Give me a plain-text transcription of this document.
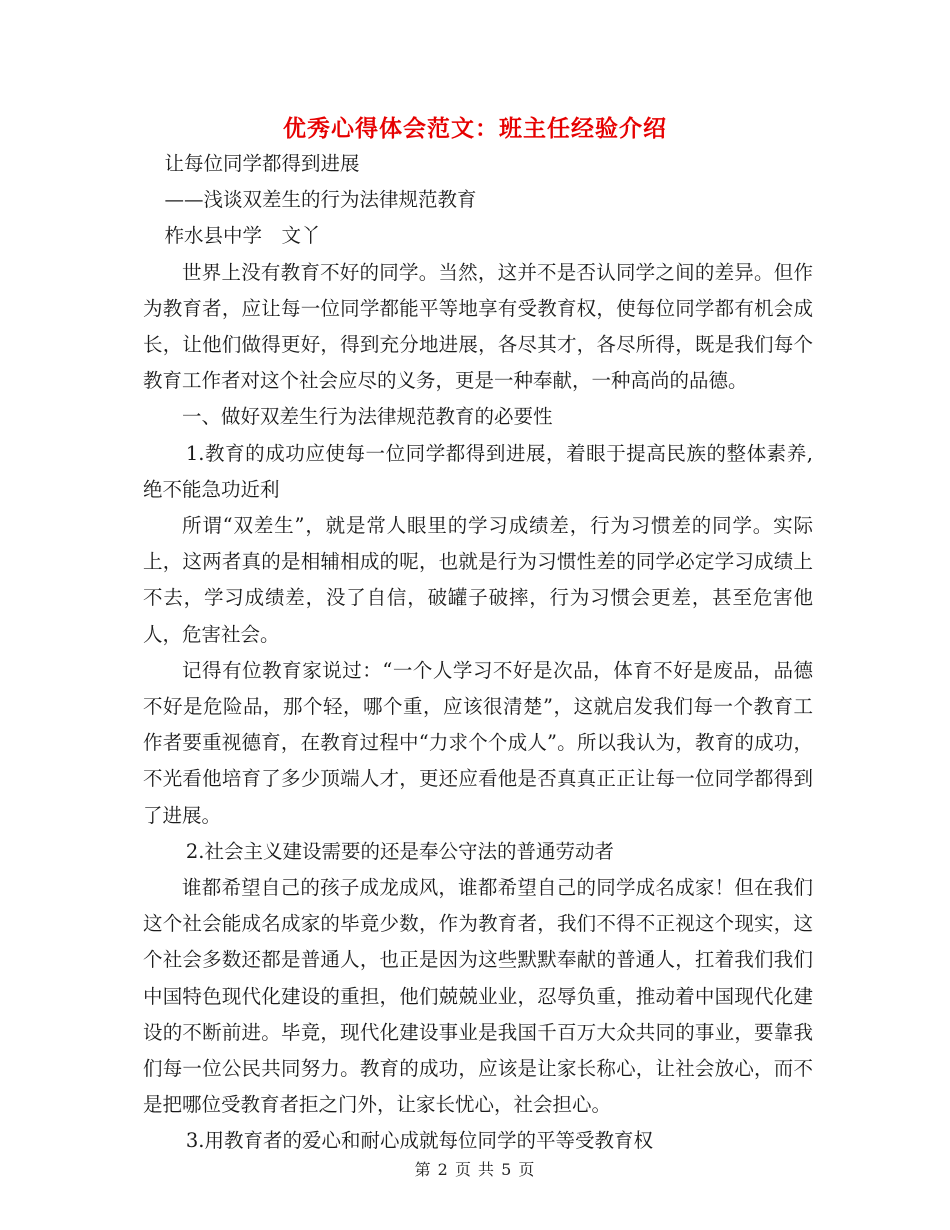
优秀心得体会范文：班主任经验介绍

让每位同学都得到进展

——浅谈双差生的行为法律规范教育

柞水县中学　文丫

世界上没有教育不好的同学。当然，这并不是否认同学之间的差异。但作为教育者，应让每一位同学都能平等地享有受教育权，使每位同学都有机会成长，让他们做得更好，得到充分地进展，各尽其才，各尽所得，既是我们每个教育工作者对这个社会应尽的义务，更是一种奉献，一种高尚的品德。

一、做好双差生行为法律规范教育的必要性

1.教育的成功应使每一位同学都得到进展，着眼于提高民族的整体素养,绝不能急功近利

所谓“双差生”，就是常人眼里的学习成绩差，行为习惯差的同学。实际上，这两者真的是相辅相成的呢，也就是行为习惯性差的同学必定学习成绩上不去，学习成绩差，没了自信，破罐子破摔，行为习惯会更差，甚至危害他人，危害社会。

记得有位教育家说过：“一个人学习不好是次品，体育不好是废品，品德不好是危险品，那个轻，哪个重，应该很清楚”，这就启发我们每一个教育工作者要重视德育，在教育过程中“力求个个成人”。所以我认为，教育的成功，不光看他培育了多少顶端人才，更还应看他是否真真正正让每一位同学都得到了进展。

2.社会主义建设需要的还是奉公守法的普通劳动者

谁都希望自己的孩子成龙成风，谁都希望自己的同学成名成家！但在我们这个社会能成名成家的毕竟少数，作为教育者，我们不得不正视这个现实，这个社会多数还都是普通人，也正是因为这些默默奉献的普通人，扛着我们我们中国特色现代化建设的重担，他们兢兢业业，忍辱负重，推动着中国现代化建设的不断前进。毕竟，现代化建设事业是我国千百万大众共同的事业，要靠我们每一位公民共同努力。教育的成功，应该是让家长称心，让社会放心，而不是把哪位受教育者拒之门外，让家长忧心，社会担心。

3.用教育者的爱心和耐心成就每位同学的平等受教育权

第 2 页 共 5 页
